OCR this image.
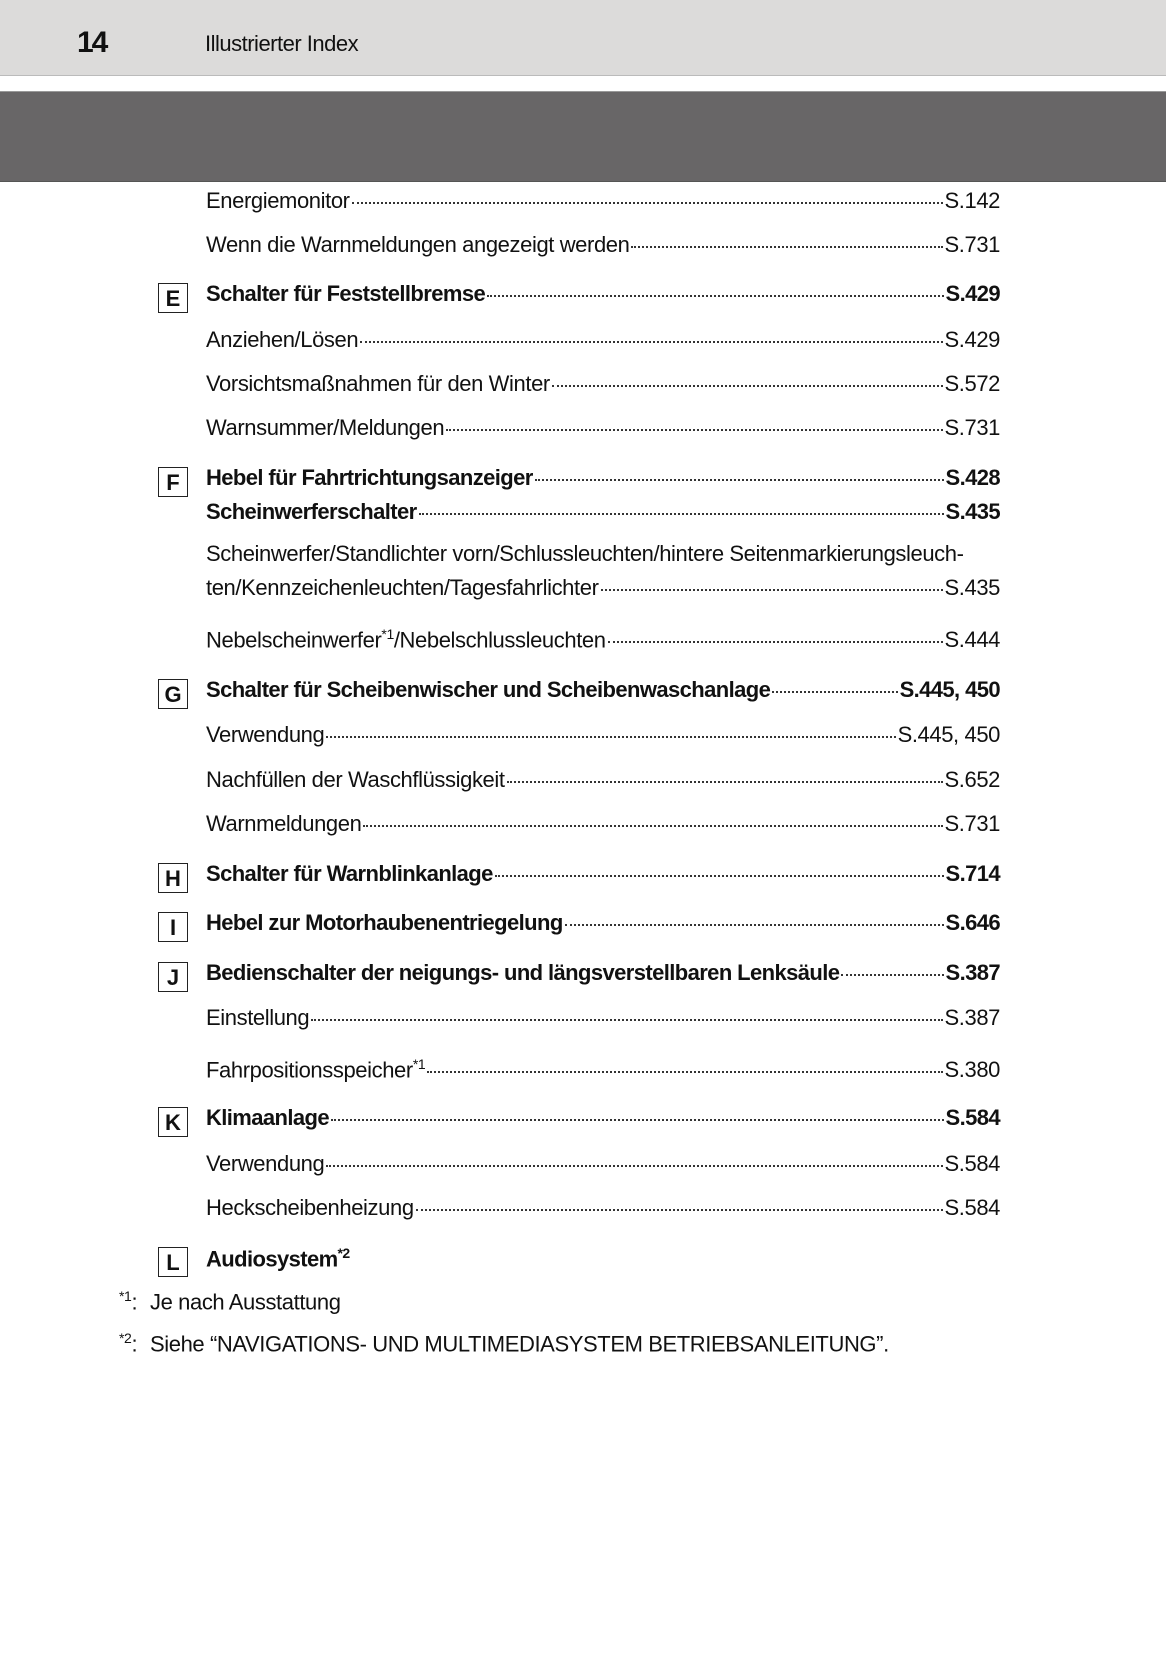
14	Illustrierter Index
Energiemonitor	S.142
Wenn die Warnmeldungen angezeigt werden	S.731
E	Schalter für Feststellbremse	S.429
Anziehen/Lösen	S.429
Vorsichtsmaßnahmen für den Winter	S.572
Warnsummer/Meldungen	S.731
F	Hebel für Fahrtrichtungsanzeiger	S.428
Scheinwerferschalter	S.435
Scheinwerfer/Standlichter vorn/Schlussleuchten/hintere Seitenmarkierungsleuch-
ten/Kennzeichenleuchten/Tagesfahrlichter	S.435
Nebelscheinwerfer$^{*1}$/Nebelschlussleuchten	S.444
G Schalter für Scheibenwischer und Scheibenwaschanlage	S.445, 450
Verwendung	S.445, 450
Nachfüllen der Waschflüssigkeit	S.652
Warnmeldungen	S.731
H	Schalter für Warnblinkanlage	S.714
I	Hebel zur Motorhaubenentriegelung	S.646
J	Bedienschalter der neigungs- und längsverstellbaren Lenksäule	S.387
Einstellung	S.387
Fahrpositionsspeicher$^{*1}$	S.380
K	Klimaanlage	S.584
Verwendung	S.584
Heckscheibenheizung	S.584
L	Audiosystem$^{*2}$
$^{*1}$: Je nach Ausstattung
$^{*2}$: Siehe “NAVIGATIONS- UND MULTIMEDIASYSTEM BETRIEBSANLEITUNG”.
